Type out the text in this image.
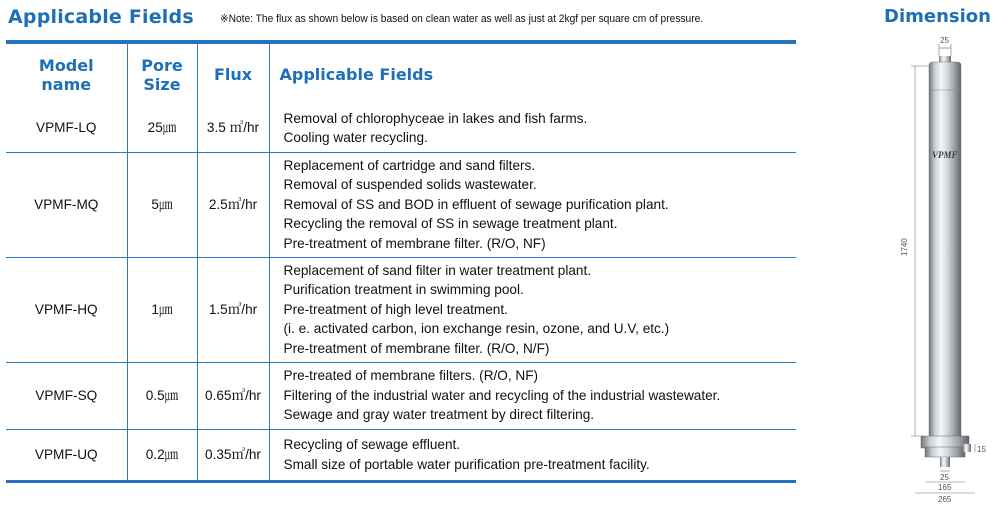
Applicable Fields ※Note: The flux as shown below is based on clean water as well as just at 2kgf per square cm of pressure.	Dimension
Model name	Pore Size	Flux	Applicable Fields
VPMF-LQ	25㎛	3.5 ㎥/hr	Removal of chlorophyceae in lakes and fish farms.
Cooling water recycling.

VPMF-MQ	5㎛	2.5㎥/hr	Replacement of cartridge and sand filters.
Removal of suspended solids wastewater.
Removal of SS and BOD in effluent of sewage purification plant.
Recycling the removal of SS in sewage treatment plant.
Pre-treatment of membrane filter. (R/O, NF)

VPMF-HQ	1㎛	1.5㎥/hr	Replacement of sand filter in water treatment plant.
Purification treatment in swimming pool.
Pre-treatment of high level treatment.
(i. e. activated carbon, ion exchange resin, ozone, and U.V, etc.)
Pre-treatment of membrane filter. (R/O, N/F)

VPMF-SQ	0.5㎛	0.65㎥/hr	Pre-treated of membrane filters. (R/O, NF)
Filtering of the industrial water and recycling of the industrial wastewater.
Sewage and gray water treatment by direct filtering.

VPMF-UQ	0.2㎛	0.35㎥/hr	Recycling of sewage effluent.
Small size of portable water purification pre-treatment facility.
25
VPMF
1740
15
25
165
265
